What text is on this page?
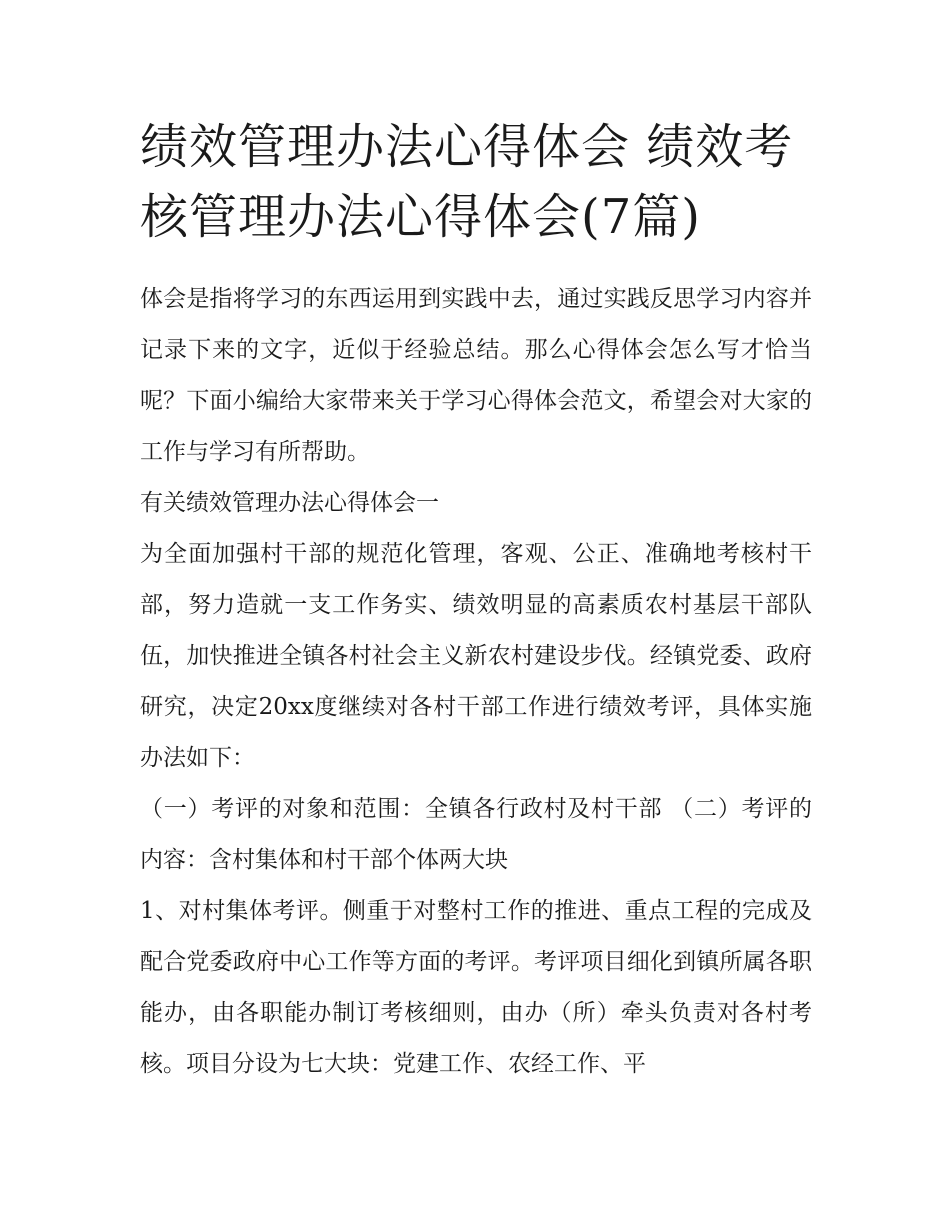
绩效管理办法心得体会 绩效考核管理办法心得体会(7篇)

体会是指将学习的东西运用到实践中去，通过实践反思学习内容并记录下来的文字，近似于经验总结。那么心得体会怎么写才恰当呢？下面小编给大家带来关于学习心得体会范文，希望会对大家的工作与学习有所帮助。

有关绩效管理办法心得体会一

为全面加强村干部的规范化管理，客观、公正、准确地考核村干部，努力造就一支工作务实、绩效明显的高素质农村基层干部队伍，加快推进全镇各村社会主义新农村建设步伐。经镇党委、政府研究，决定20xx度继续对各村干部工作进行绩效考评，具体实施办法如下：

（一）考评的对象和范围：全镇各行政村及村干部 （二）考评的内容：含村集体和村干部个体两大块

1、对村集体考评。侧重于对整村工作的推进、重点工程的完成及配合党委政府中心工作等方面的考评。考评项目细化到镇所属各职能办，由各职能办制订考核细则，由办（所）牵头负责对各村考核。项目分设为七大块：党建工作、农经工作、平
